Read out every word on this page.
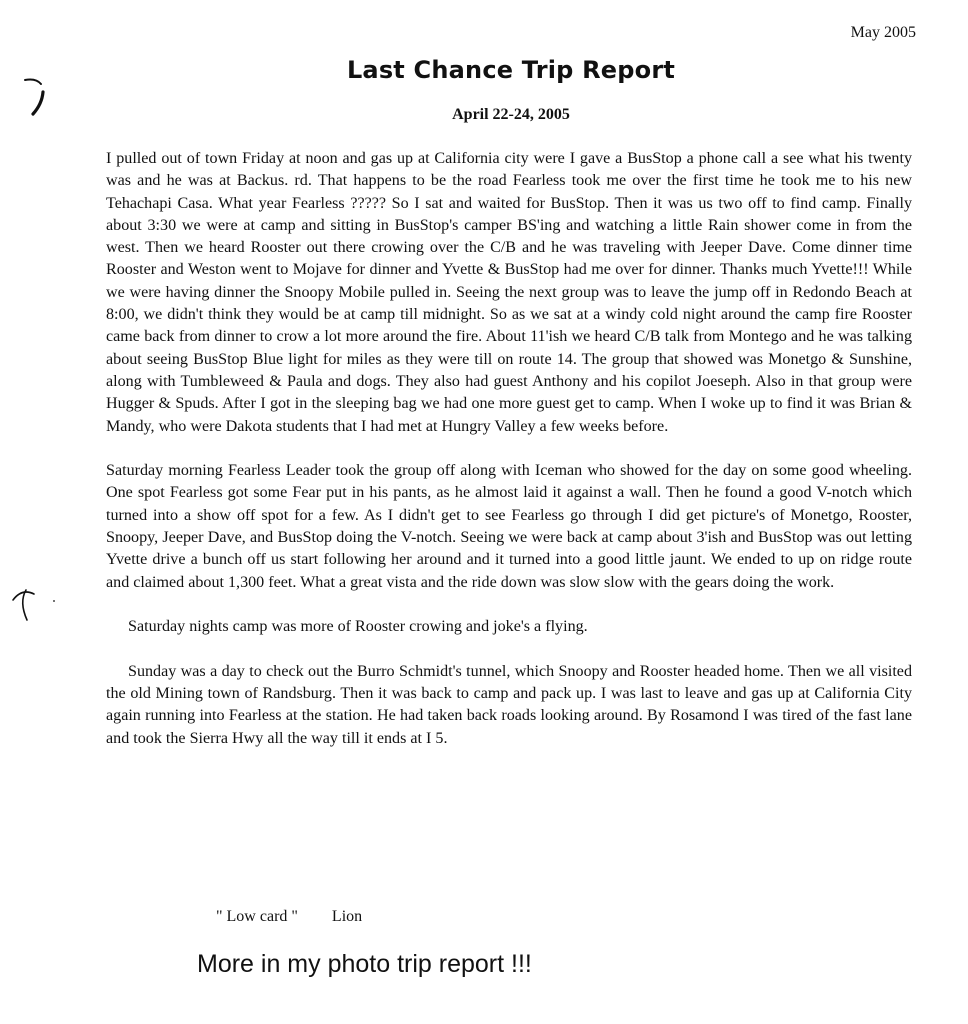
May 2005
Last Chance Trip Report
April 22-24, 2005

I pulled out of town Friday at noon and gas up at California city were I gave a BusStop a phone call a see what his twenty was and he was at Backus. rd. That happens to be the road Fearless took me over the first time he took me to his new Tehachapi Casa. What year Fearless ????? So I sat and waited for BusStop. Then it was us two off to find camp. Finally about 3:30 we were at camp and sitting in BusStop's camper BS'ing and watching a little Rain shower come in from the west. Then we heard Rooster out there crowing over the C/B and he was traveling with Jeeper Dave. Come dinner time Rooster and Weston went to Mojave for dinner and Yvette & BusStop had me over for dinner. Thanks much Yvette!!! While we were having dinner the Snoopy Mobile pulled in. Seeing the next group was to leave the jump off in Redondo Beach at 8:00, we didn't think they would be at camp till midnight. So as we sat at a windy cold night around the camp fire Rooster came back from dinner to crow a lot more around the fire. About 11'ish we heard C/B talk from Montego and he was talking about seeing BusStop Blue light for miles as they were till on route 14. The group that showed was Monetgo & Sunshine, along with Tumbleweed & Paula and dogs. They also had guest Anthony and his copilot Joeseph. Also in that group were Hugger & Spuds. After I got in the sleeping bag we had one more guest get to camp. When I woke up to find it was Brian & Mandy, who were Dakota students that I had met at Hungry Valley a few weeks before.

Saturday morning Fearless Leader took the group off along with Iceman who showed for the day on some good wheeling. One spot Fearless got some Fear put in his pants, as he almost laid it against a wall. Then he found a good V-notch which turned into a show off spot for a few. As I didn't get to see Fearless go through I did get picture's of Monetgo, Rooster, Snoopy, Jeeper Dave, and BusStop doing the V-notch. Seeing we were back at camp about 3'ish and BusStop was out letting Yvette drive a bunch off us start following her around and it turned into a good little jaunt. We ended to up on ridge route and claimed about 1,300 feet. What a great vista and the ride down was slow slow with the gears doing the work.

Saturday nights camp was more of Rooster crowing and joke's a flying.

Sunday was a day to check out the Burro Schmidt's tunnel, which Snoopy and Rooster headed home. Then we all visited the old Mining town of Randsburg. Then it was back to camp and pack up. I was last to leave and gas up at California City again running into Fearless at the station. He had taken back roads looking around. By Rosamond I was tired of the fast lane and took the Sierra Hwy all the way till it ends at I 5.

" Low card " Lion
More in my photo trip report !!!
